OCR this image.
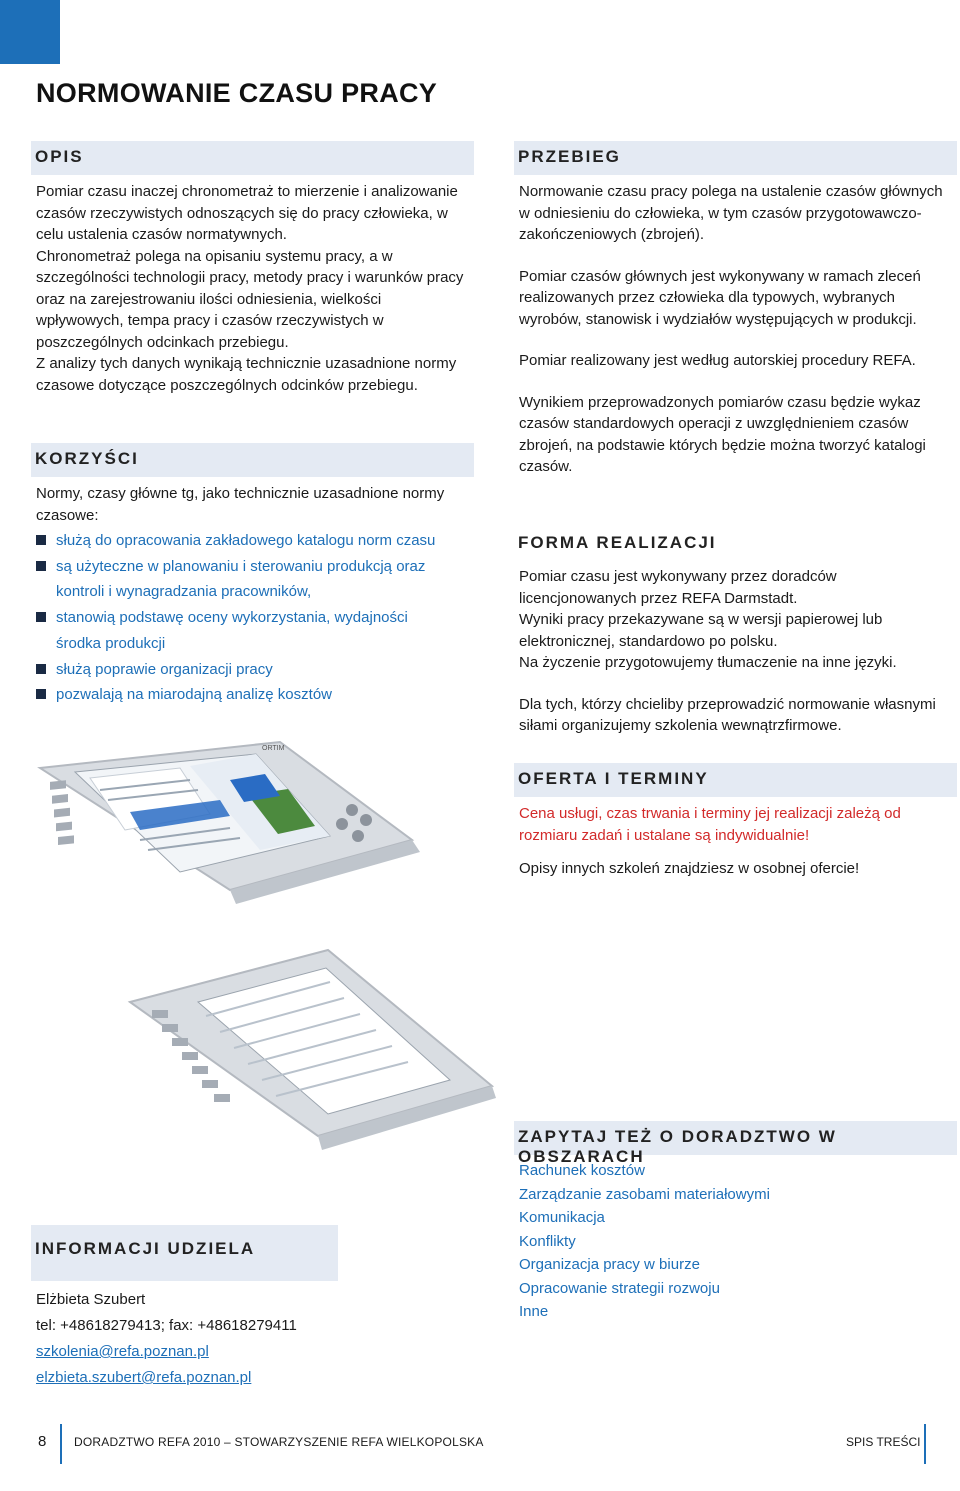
NORMOWANIE CZASU PRACY
OPIS

Pomiar czasu inaczej chronometraż to mierzenie i analizowanie czasów rzeczywistych odnoszących się do pracy człowieka, w celu ustalenia czasów normatywnych.

Chronometraż polega na opisaniu systemu pracy, a w szczególności technologii pracy, metody pracy i warunków pracy oraz na zarejestrowaniu ilości odniesienia, wielkości wpływowych, tempa pracy i czasów rzeczywistych w poszczególnych odcinkach przebiegu.

Z analizy tych danych wynikają technicznie uzasadnione normy czasowe dotyczące poszczególnych odcinków przebiegu.

KORZYŚCI

Normy, czasy główne tg, jako technicznie uzasadnione normy czasowe:

służą do opracowania zakładowego katalogu norm czasu
są użyteczne w planowaniu i sterowaniu produkcją oraz
kontroli i wynagradzania pracowników,
stanowią podstawę oceny wykorzystania, wydajności
środka produkcji
służą poprawie organizacji pracy
pozwalają na miarodajną analizę kosztów
PRZEBIEG

Normowanie czasu pracy polega na ustalenie czasów głównych w odniesieniu do człowieka, w tym czasów przygotowawczo-zakończeniowych (zbrojeń).

Pomiar czasów głównych jest wykonywany w ramach zleceń realizowanych przez człowieka dla typowych, wybranych wyrobów, stanowisk i wydziałów występujących w produkcji.

Pomiar realizowany jest według autorskiej procedury REFA.

Wynikiem przeprowadzonych pomiarów czasu będzie wykaz czasów standardowych operacji z uwzględnieniem czasów zbrojeń, na podstawie których będzie można tworzyć katalogi czasów.

FORMA REALIZACJI

Pomiar czasu jest wykonywany przez doradców licencjonowanych przez REFA Darmstadt.

Wyniki pracy przekazywane są w wersji papierowej lub elektronicznej, standardowo po polsku.

Na życzenie przygotowujemy tłumaczenie na inne języki.

Dla tych, którzy chcieliby przeprowadzić normowanie własnymi siłami organizujemy szkolenia wewnątrzfirmowe.

OFERTA I TERMINY

Cena usługi, czas trwania i terminy jej realizacji zależą od rozmiaru zadań i ustalane są indywidualnie!

Opisy innych szkoleń znajdziesz w osobnej ofercie!

ORTIM
ZAPYTAJ TEŻ O DORADZTWO W OBSZARACH
Rachunek kosztów
Zarządzanie zasobami materiałowymi
Komunikacja
Konflikty
Organizacja pracy w biurze
Opracowanie strategii rozwoju
Inne
INFORMACJI UDZIELA
Elżbieta Szubert
tel: +48618279413; fax: +48618279411
szkolenia@refa.poznan.pl
elzbieta.szubert@refa.poznan.pl
8 DORADZTWO REFA 2010 – STOWARZYSZENIE REFA WIELKOPOLSKA	SPIS TREŚCI
